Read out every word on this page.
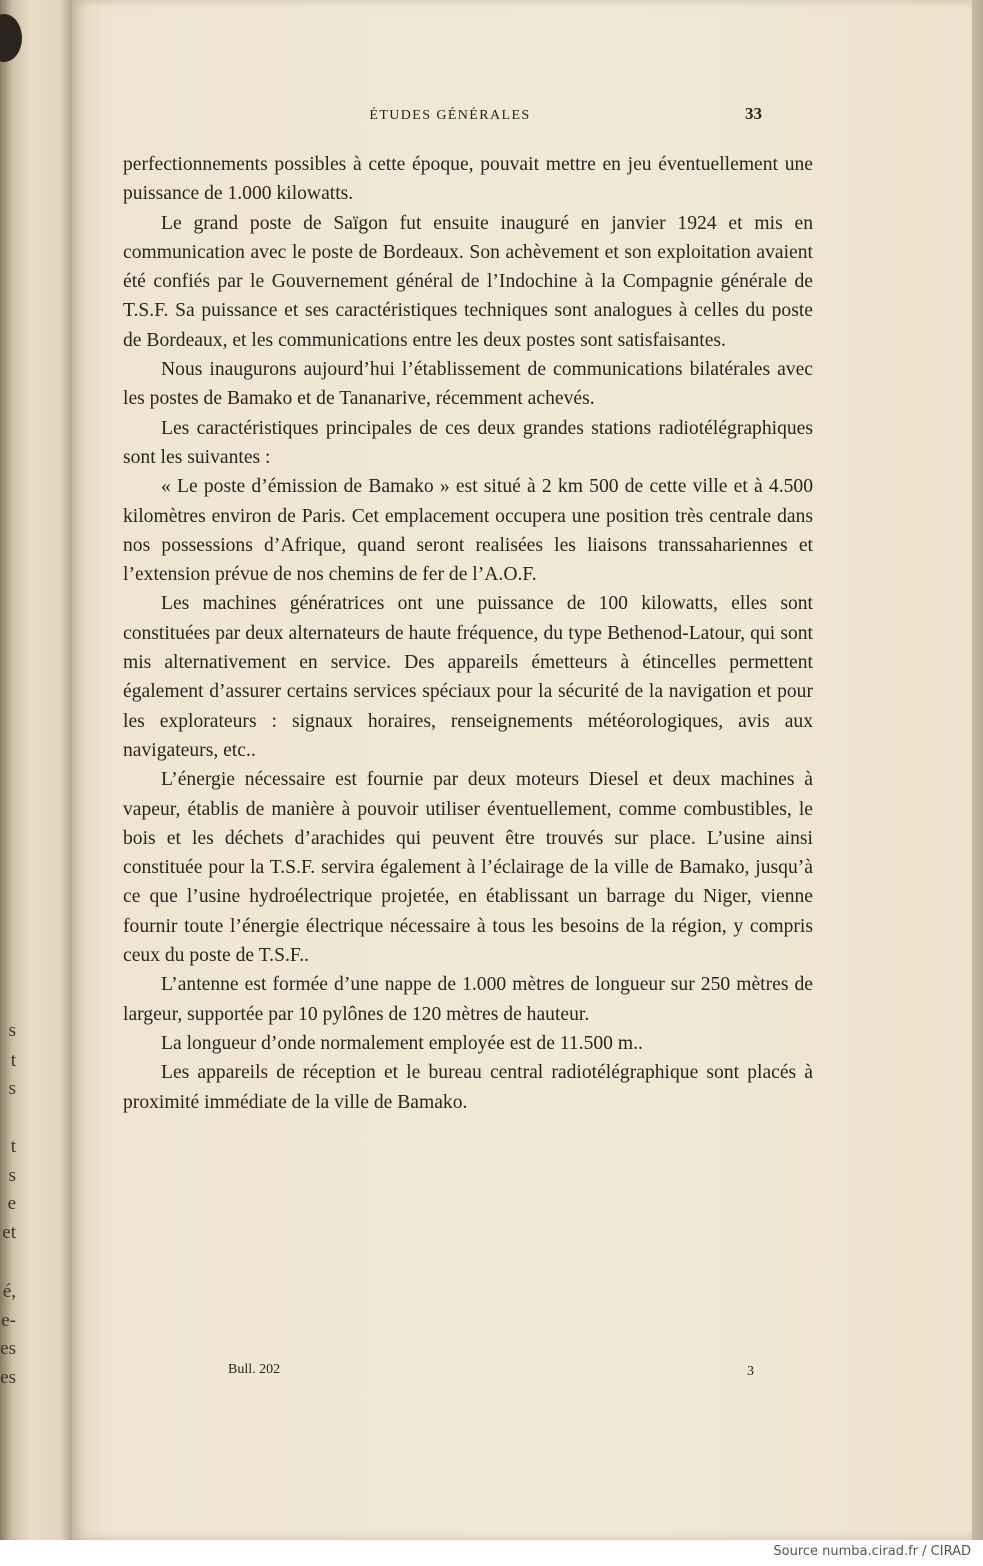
s
t
s
t
s
e
et
é,
e-
es
es
ÉTUDES GÉNÉRALES	33

perfectionnements possibles à cette époque, pouvait mettre en jeu éventuellement une puissance de 1.000 kilowatts.

Le grand poste de Saïgon fut ensuite inauguré en janvier 1924 et mis en communication avec le poste de Bordeaux. Son achèvement et son exploitation avaient été confiés par le Gouvernement général de l’Indochine à la Compagnie générale de T.S.F. Sa puissance et ses caractéristiques techniques sont analogues à celles du poste de Bordeaux, et les communications entre les deux postes sont satisfaisantes.

Nous inaugurons aujourd’hui l’établissement de communications bilatérales avec les postes de Bamako et de Tananarive, récemment achevés.

Les caractéristiques principales de ces deux grandes stations radiotélégraphiques sont les suivantes :

« Le poste d’émission de Bamako » est situé à 2 km 500 de cette ville et à 4.500 kilomètres environ de Paris. Cet emplacement occupera une position très centrale dans nos possessions d’Afrique, quand seront realisées les liaisons transsahariennes et l’extension prévue de nos chemins de fer de l’A.O.F.

Les machines génératrices ont une puissance de 100 kilowatts, elles sont constituées par deux alternateurs de haute fréquence, du type Bethenod-Latour, qui sont mis alternativement en service. Des appareils émetteurs à étincelles permettent également d’assurer certains services spéciaux pour la sécurité de la navigation et pour les explorateurs : signaux horaires, renseignements météorologiques, avis aux navigateurs, etc..

L’énergie nécessaire est fournie par deux moteurs Diesel et deux machines à vapeur, établis de manière à pouvoir utiliser éventuellement, comme combustibles, le bois et les déchets d’arachides qui peuvent être trouvés sur place. L’usine ainsi constituée pour la T.S.F. servira également à l’éclairage de la ville de Bamako, jusqu’à ce que l’usine hydroélectrique projetée, en établissant un barrage du Niger, vienne fournir toute l’énergie électrique nécessaire à tous les besoins de la région, y compris ceux du poste de T.S.F..

L’antenne est formée d’une nappe de 1.000 mètres de longueur sur 250 mètres de largeur, supportée par 10 pylônes de 120 mètres de hauteur.

La longueur d’onde normalement employée est de 11.500 m..

Les appareils de réception et le bureau central radiotélégraphique sont placés à proximité immédiate de la ville de Bamako.

Bull. 202	3
Source numba.cirad.fr / CIRAD
